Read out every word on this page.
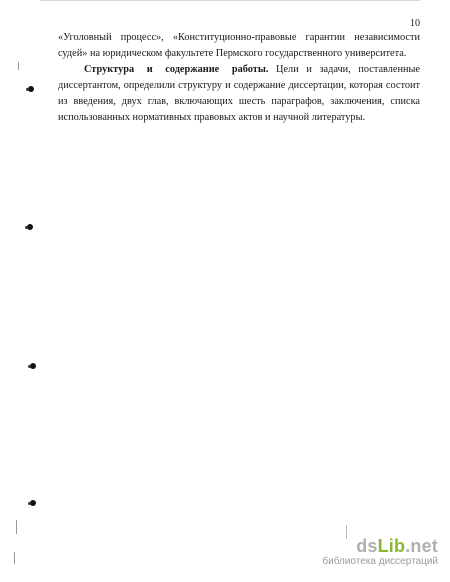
10

«Уголовный процесс», «Конституционно-правовые гарантии независимости судей» на юридическом факультете Пермского государственного университета.

Структура и содержание работы. Цели и задачи, поставленные диссертантом, определили структуру и содержание диссертации, которая состоит из введения, двух глав, включающих шесть параграфов, заключения, списка использованных нормативных правовых актов и научной литературы.

dsLib.net
библиотека диссертаций
